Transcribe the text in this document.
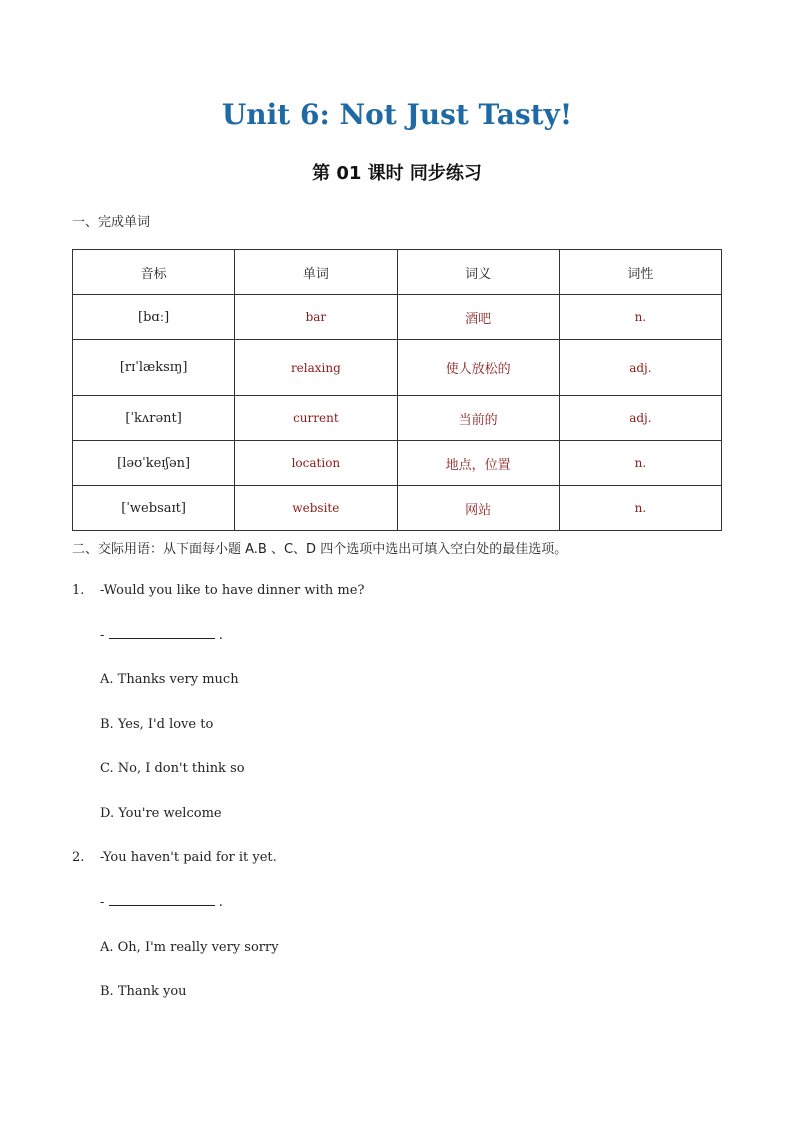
Unit 6: Not Just Tasty!
第 01 课时 同步练习

一、完成单词

音标	单词	词义	词性
[bɑː]	bar	酒吧	n.
[rɪˈlæksɪŋ]	relaxing	使人放松的	adj.
[ˈkʌrənt]	current	当前的	adj.
[ləʊˈkeɪʃən]	location	地点，位置	n.
[ˈwebsaɪt]	website	网站	n.

二、交际用语：从下面每小题 A.B 、C、D 四个选项中选出可填入空白处的最佳选项。

1. -Would you like to have dinner with me?

-	.

A. Thanks very much

B. Yes, I'd love to

C. No, I don't think so

D. You're welcome

2. -You haven't paid for it yet.

-	.

A. Oh, I'm really very sorry

B. Thank you
